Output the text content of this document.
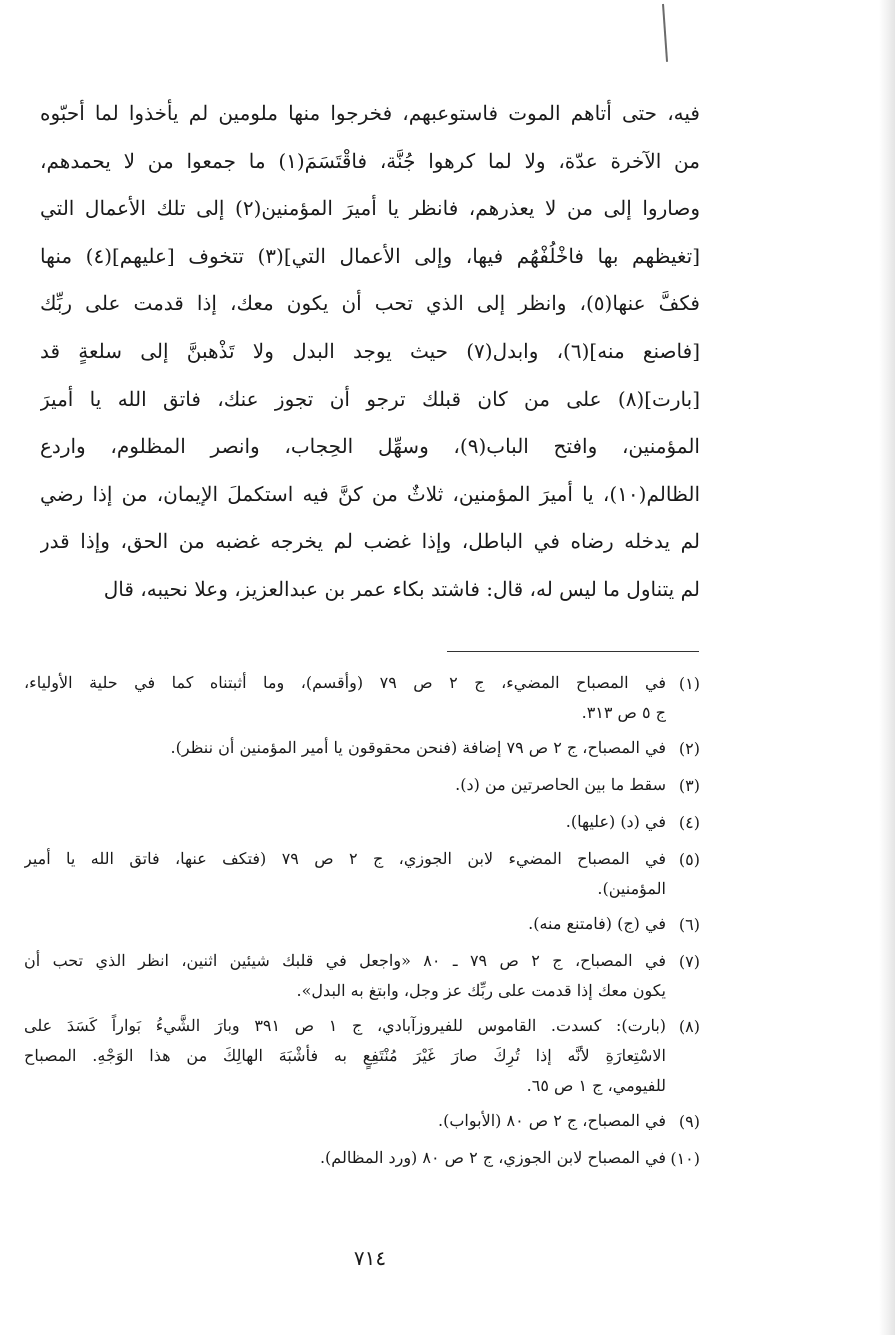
فيه، حتى أتاهم الموت فاستوعبهم، فخرجوا منها ملومين لم يأخذوا لما أحبّوه
من الآخرة عدّة، ولا لما كرهوا جُنَّة، فاقْتَسَمَ(١) ما جمعوا من لا يحمدهم،
وصاروا إلى من لا يعذرهم، فانظر يا أميرَ المؤمنين(٢) إلى تلك الأعمال التي
[تغيظهم بها فاخْلُفْهُم فيها، وإلى الأعمال التي](٣) تتخوف [عليهم](٤) منها
فكفَّ عنها(٥)، وانظر إلى الذي تحب أن يكون معك، إذا قدمت على ربِّك
[فاصنع منه](٦)، وابدل(٧) حيث يوجد البدل ولا تَذْهبنَّ إلى سلعةٍ قد
[بارت](٨) على من كان قبلك ترجو أن تجوز عنك، فاتق الله يا أميرَ
المؤمنين، وافتح الباب(٩)، وسهِّل الحِجاب، وانصر المظلوم، واردع
الظالم(١٠)، يا أميرَ المؤمنين، ثلاثٌ من كنَّ فيه استكملَ الإيمان، من إذا رضي
لم يدخله رضاه في الباطل، وإذا غضب لم يخرجه غضبه من الحق، وإذا قدر
لم يتناول ما ليس له، قال: فاشتد بكاء عمر بن عبدالعزيز، وعلا نحيبه، قال
(١)
في المصباح المضيء، ج ٢ ص ٧٩ (وأقسم)، وما أثبتناه كما في حلية الأولياء،
ج ٥ ص ٣١٣.
(٢)
في المصباح، ج ٢ ص ٧٩ إضافة (فنحن محقوقون يا أمير المؤمنين أن ننظر).
(٣)
سقط ما بين الحاصرتين من (د).
(٤)
في (د) (عليها).
(٥)
في المصباح المضيء لابن الجوزي، ج ٢ ص ٧٩ (فتكف عنها، فاتق الله يا أمير
المؤمنين).
(٦)
في (ج) (فامتنع منه).
(٧)
في المصباح، ج ٢ ص ٧٩ ـ ٨٠ «واجعل في قلبك شيئين اثنين، انظر الذي تحب أن
يكون معك إذا قدمت على ربِّك عز وجل، وابتغ به البدل».
(٨)
(بارت): كسدت. القاموس للفيروزآبادي، ج ١ ص ٣٩١ وبارَ الشَّيءُ بَواراً كَسَدَ على
الاسْتِعارَةِ لأنَّه إذا تُرِكَ صارَ غَيْرَ مُنْتَفِعٍ به فأشْبَهَ الهالِكَ من هذا الوَجْهِ. المصباح
للفيومي، ج ١ ص ٦٥.
(٩)
في المصباح، ج ٢ ص ٨٠ (الأبواب).
(١٠)
في المصباح لابن الجوزي، ج ٢ ص ٨٠ (ورد المظالم).
٧١٤
